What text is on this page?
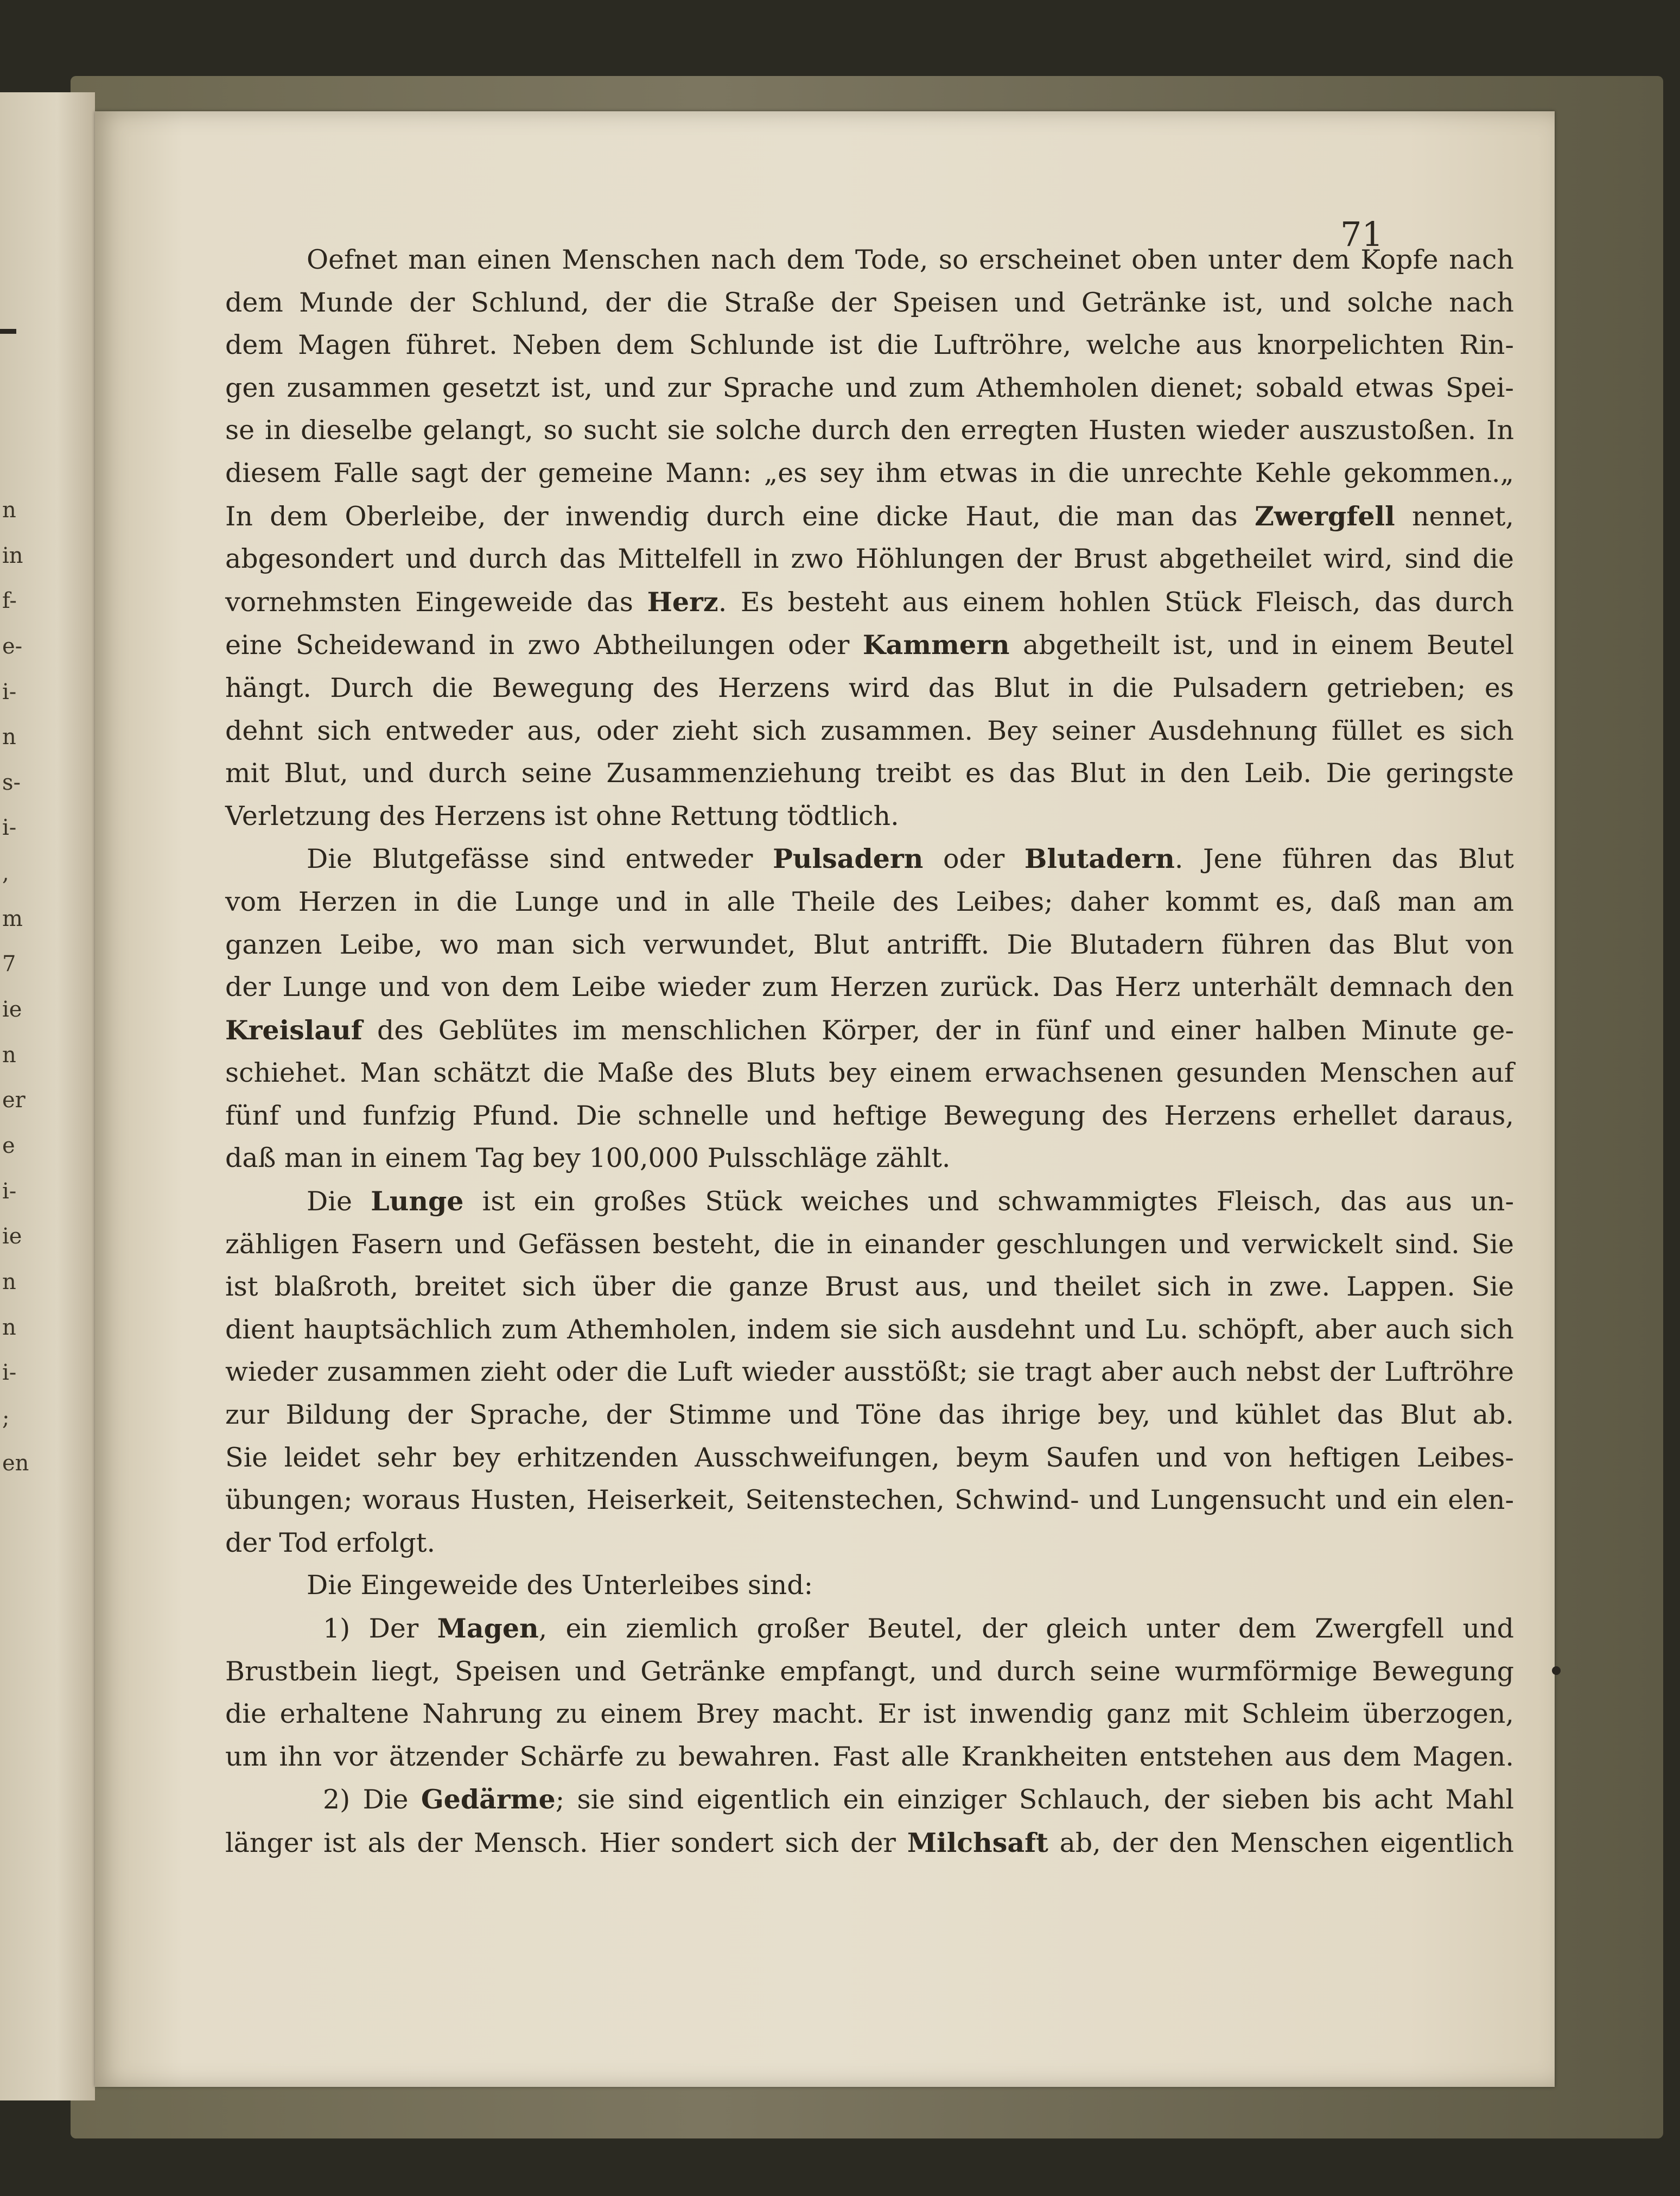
n
in
f-
e-
i-
n
s-
i-
,
m
7
ie
n
er
e
i-
ie
n
n
i-
;
en
71
Oefnet man einen Menschen nach dem Tode, so erscheinet oben unter dem Kopfe nach
dem Munde der Schlund, der die Straße der Speisen und Getränke ist, und solche nach
dem Magen führet. Neben dem Schlunde ist die Luftröhre, welche aus knorpelichten Rin-
gen zusammen gesetzt ist, und zur Sprache und zum Athemholen dienet; sobald etwas Spei-
se in dieselbe gelangt, so sucht sie solche durch den erregten Husten wieder auszustoßen. In
diesem Falle sagt der gemeine Mann: „es sey ihm etwas in die unrechte Kehle gekommen.„
In dem Oberleibe, der inwendig durch eine dicke Haut, die man das Zwergfell nennet,
abgesondert und durch das Mittelfell in zwo Höhlungen der Brust abgetheilet wird, sind die
vornehmsten Eingeweide das Herz. Es besteht aus einem hohlen Stück Fleisch, das durch
eine Scheidewand in zwo Abtheilungen oder Kammern abgetheilt ist, und in einem Beutel
hängt. Durch die Bewegung des Herzens wird das Blut in die Pulsadern getrieben; es
dehnt sich entweder aus, oder zieht sich zusammen. Bey seiner Ausdehnung füllet es sich
mit Blut, und durch seine Zusammenziehung treibt es das Blut in den Leib. Die geringste
Verletzung des Herzens ist ohne Rettung tödtlich.
Die Blutgefässe sind entweder Pulsadern oder Blutadern. Jene führen das Blut
vom Herzen in die Lunge und in alle Theile des Leibes; daher kommt es, daß man am
ganzen Leibe, wo man sich verwundet, Blut antrifft. Die Blutadern führen das Blut von
der Lunge und von dem Leibe wieder zum Herzen zurück. Das Herz unterhält demnach den
Kreislauf des Geblütes im menschlichen Körper, der in fünf und einer halben Minute ge-
schiehet. Man schätzt die Maße des Bluts bey einem erwachsenen gesunden Menschen auf
fünf und funfzig Pfund. Die schnelle und heftige Bewegung des Herzens erhellet daraus,
daß man in einem Tag bey 100,000 Pulsschläge zählt.
Die Lunge ist ein großes Stück weiches und schwammigtes Fleisch, das aus un-
zähligen Fasern und Gefässen besteht, die in einander geschlungen und verwickelt sind. Sie
ist blaßroth, breitet sich über die ganze Brust aus, und theilet sich in zwe. Lappen. Sie
dient hauptsächlich zum Athemholen, indem sie sich ausdehnt und Lu. schöpft, aber auch sich
wieder zusammen zieht oder die Luft wieder ausstößt; sie tragt aber auch nebst der Luftröhre
zur Bildung der Sprache, der Stimme und Töne das ihrige bey, und kühlet das Blut ab.
Sie leidet sehr bey erhitzenden Ausschweifungen, beym Saufen und von heftigen Leibes-
übungen; woraus Husten, Heiserkeit, Seitenstechen, Schwind- und Lungensucht und ein elen-
der Tod erfolgt.
Die Eingeweide des Unterleibes sind:
1) Der Magen, ein ziemlich großer Beutel, der gleich unter dem Zwergfell und
Brustbein liegt, Speisen und Getränke empfangt, und durch seine wurmförmige Bewegung
die erhaltene Nahrung zu einem Brey macht. Er ist inwendig ganz mit Schleim überzogen,
um ihn vor ätzender Schärfe zu bewahren. Fast alle Krankheiten entstehen aus dem Magen.
2) Die Gedärme; sie sind eigentlich ein einziger Schlauch, der sieben bis acht Mahl
länger ist als der Mensch. Hier sondert sich der Milchsaft ab, der den Menschen eigentlich
